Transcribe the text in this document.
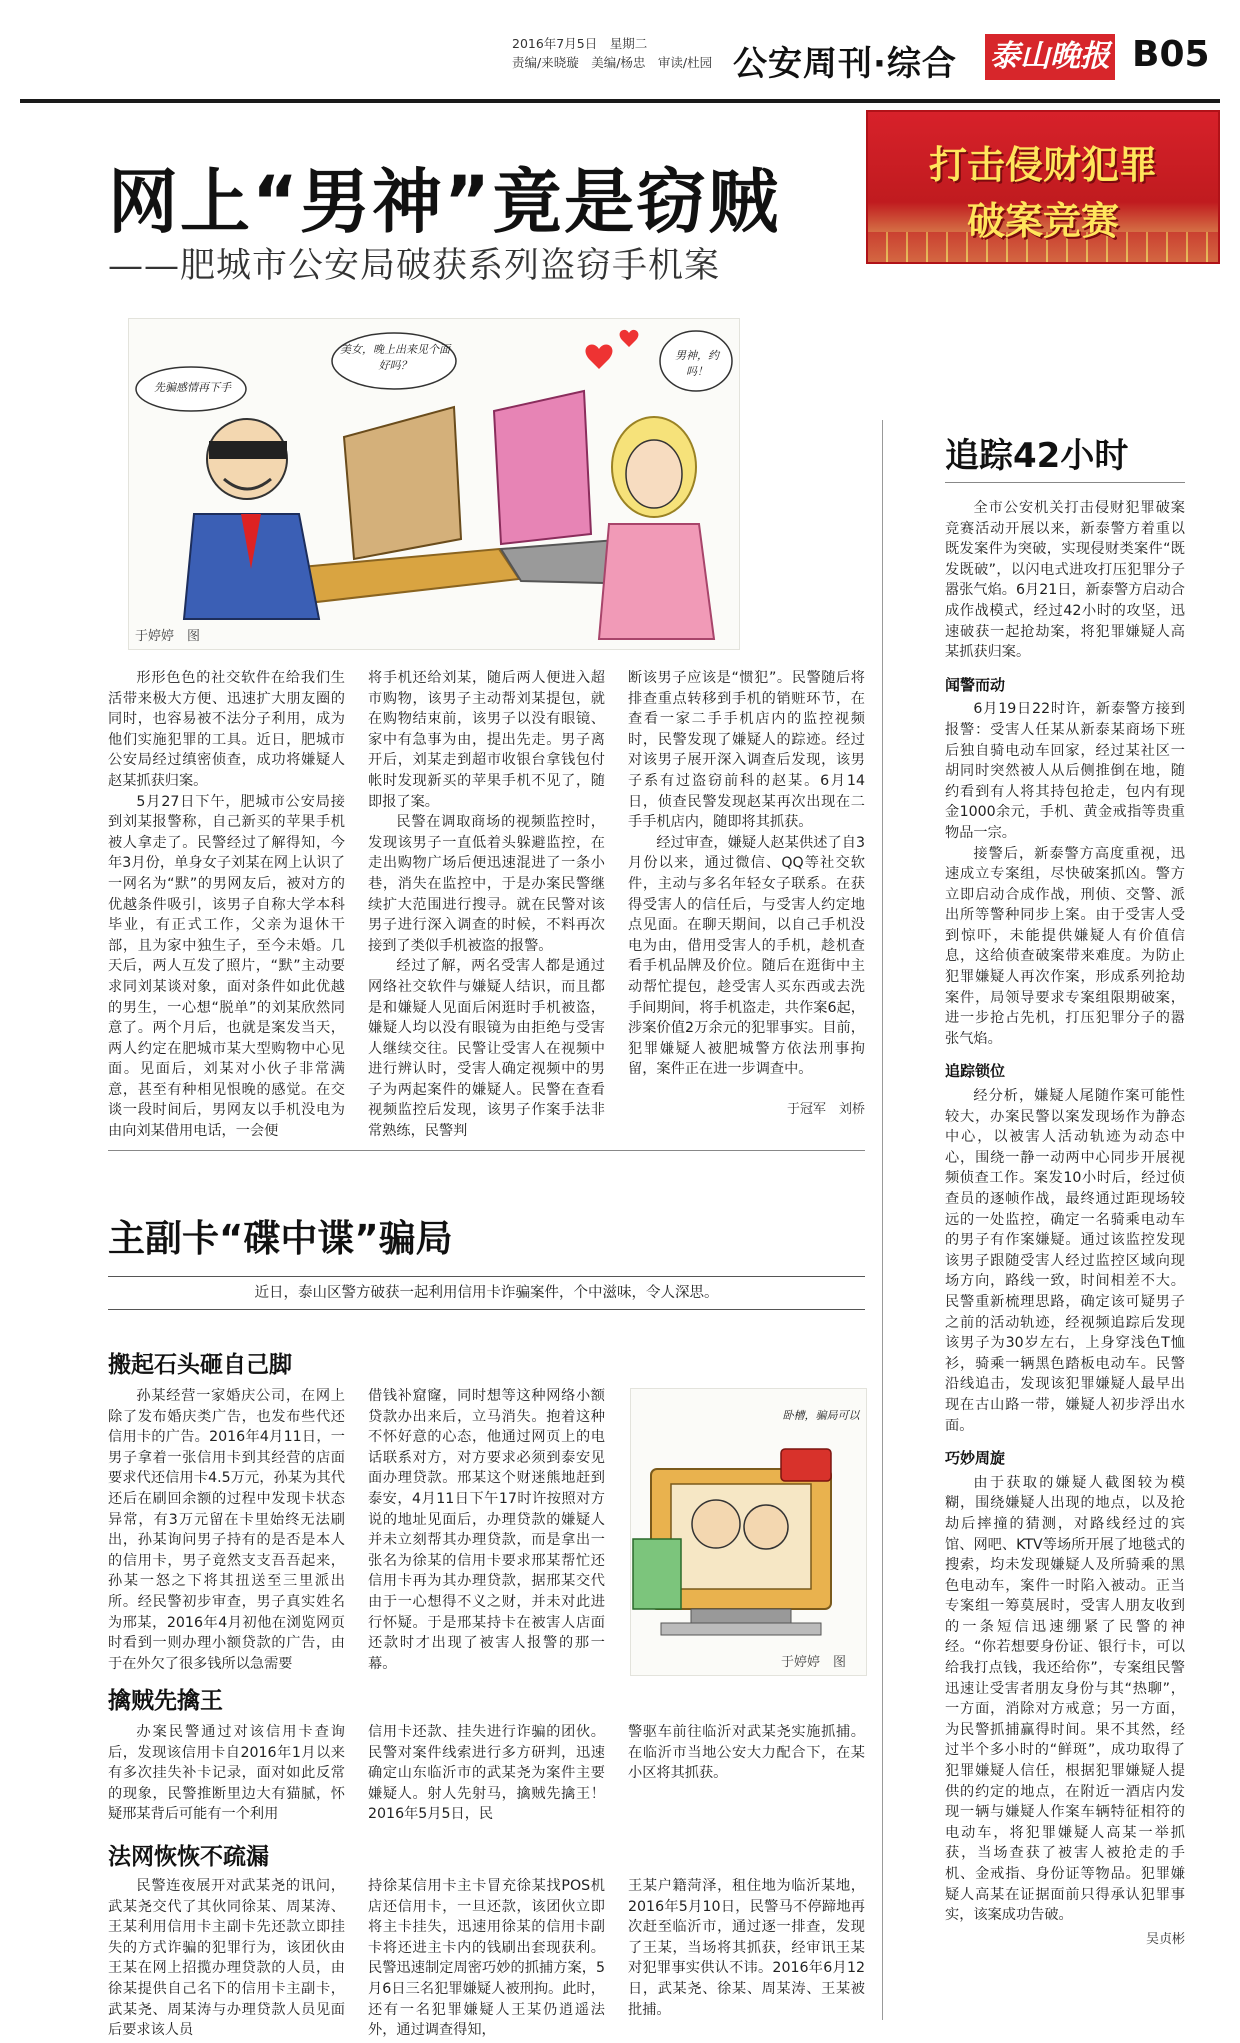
2016年7月5日　星期二
责编/来晓璇　美编/杨忠　审读/杜园 公安周刊·综合 泰山晚报 B05
打击侵财犯罪
破案竞赛
网上“男神”竟是窃贼
——肥城市公安局破获系列盗窃手机案
先骗感情再下手
美女，晚上出来见个面好吗？
男神，约吗！
于婷婷　图

形形色色的社交软件在给我们生活带来极大方便、迅速扩大朋友圈的同时，也容易被不法分子利用，成为他们实施犯罪的工具。近日，肥城市公安局经过缜密侦查，成功将嫌疑人赵某抓获归案。

5月27日下午，肥城市公安局接到刘某报警称，自己新买的苹果手机被人拿走了。民警经过了解得知，今年3月份，单身女子刘某在网上认识了一网名为“默”的男网友后，被对方的优越条件吸引，该男子自称大学本科毕业，有正式工作，父亲为退休干部，且为家中独生子，至今未婚。几天后，两人互发了照片，“默”主动要求同刘某谈对象，面对条件如此优越的男生，一心想“脱单”的刘某欣然同意了。两个月后，也就是案发当天，两人约定在肥城市某大型购物中心见面。见面后，刘某对小伙子非常满意，甚至有种相见恨晚的感觉。在交谈一段时间后，男网友以手机没电为由向刘某借用电话，一会便

将手机还给刘某，随后两人便进入超市购物，该男子主动帮刘某提包，就在购物结束前，该男子以没有眼镜、家中有急事为由，提出先走。男子离开后，刘某走到超市收银台拿钱包付帐时发现新买的苹果手机不见了，随即报了案。

民警在调取商场的视频监控时，发现该男子一直低着头躲避监控，在走出购物广场后便迅速混进了一条小巷，消失在监控中，于是办案民警继续扩大范围进行搜寻。就在民警对该男子进行深入调查的时候，不料再次接到了类似手机被盗的报警。

经过了解，两名受害人都是通过网络社交软件与嫌疑人结识，而且都是和嫌疑人见面后闲逛时手机被盗，嫌疑人均以没有眼镜为由拒绝与受害人继续交往。民警让受害人在视频中进行辨认时，受害人确定视频中的男子为两起案件的嫌疑人。民警在查看视频监控后发现，该男子作案手法非常熟练，民警判

断该男子应该是“惯犯”。民警随后将排查重点转移到手机的销赃环节，在查看一家二手手机店内的监控视频时，民警发现了嫌疑人的踪迹。经过对该男子展开深入调查后发现，该男子系有过盗窃前科的赵某。6月14日，侦查民警发现赵某再次出现在二手手机店内，随即将其抓获。

经过审查，嫌疑人赵某供述了自3月份以来，通过微信、QQ等社交软件，主动与多名年轻女子联系。在获得受害人的信任后，与受害人约定地点见面。在聊天期间，以自己手机没电为由，借用受害人的手机，趁机查看手机品牌及价位。随后在逛街中主动帮忙提包，趁受害人买东西或去洗手间期间，将手机盗走，共作案6起，涉案价值2万余元的犯罪事实。目前，犯罪嫌疑人被肥城警方依法刑事拘留，案件正在进一步调查中。

于冠军　刘桥
追踪42小时

全市公安机关打击侵财犯罪破案竞赛活动开展以来，新泰警方着重以既发案件为突破，实现侵财类案件“既发既破”，以闪电式进攻打压犯罪分子嚣张气焰。6月21日，新泰警方启动合成作战模式，经过42小时的攻坚，迅速破获一起抢劫案，将犯罪嫌疑人高某抓获归案。

闻警而动

6月19日22时许，新泰警方接到报警：受害人任某从新泰某商场下班后独自骑电动车回家，经过某社区一胡同时突然被人从后侧推倒在地，随约看到有人将其持包抢走，包内有现金1000余元，手机、黄金戒指等贵重物品一宗。

接警后，新泰警方高度重视，迅速成立专案组，尽快破案抓凶。警方立即启动合成作战，刑侦、交警、派出所等警种同步上案。由于受害人受到惊吓，未能提供嫌疑人有价值信息，这给侦查破案带来难度。为防止犯罪嫌疑人再次作案，形成系列抢劫案件，局领导要求专案组限期破案，进一步抢占先机，打压犯罪分子的嚣张气焰。

追踪锁位

经分析，嫌疑人尾随作案可能性较大，办案民警以案发现场作为静态中心，以被害人活动轨迹为动态中心，围绕一静一动两中心同步开展视频侦查工作。案发10小时后，经过侦查员的逐帧作战，最终通过距现场较远的一处监控，确定一名骑乘电动车的男子有作案嫌疑。通过该监控发现该男子跟随受害人经过监控区域向现场方向，路线一致，时间相差不大。民警重新梳理思路，确定该可疑男子之前的活动轨迹，经视频追踪后发现该男子为30岁左右，上身穿浅色T恤衫，骑乘一辆黑色踏板电动车。民警沿线追击，发现该犯罪嫌疑人最早出现在古山路一带，嫌疑人初步浮出水面。

巧妙周旋

由于获取的嫌疑人截图较为模糊，围绕嫌疑人出现的地点，以及抢劫后摔撞的猜测，对路线经过的宾馆、网吧、KTV等场所开展了地毯式的搜索，均未发现嫌疑人及所骑乘的黑色电动车，案件一时陷入被动。正当专案组一筹莫展时，受害人朋友收到的一条短信迅速绷紧了民警的神经。“你若想要身份证、银行卡，可以给我打点钱，我还给你”，专案组民警迅速让受害者朋友身份与其“热聊”，一方面，消除对方戒意；另一方面，为民警抓捕赢得时间。果不其然，经过半个多小时的“鲜斑”，成功取得了犯罪嫌疑人信任，根据犯罪嫌疑人提供的约定的地点，在附近一酒店内发现一辆与嫌疑人作案车辆特征相符的电动车，将犯罪嫌疑人高某一举抓获，当场查获了被害人被抢走的手机、金戒指、身份证等物品。犯罪嫌疑人高某在证据面前只得承认犯罪事实，该案成功告破。

吴贞彬
主副卡“碟中谍”骗局
近日，泰山区警方破获一起利用信用卡诈骗案件，个中滋味，令人深思。
搬起石头砸自己脚

孙某经营一家婚庆公司，在网上除了发布婚庆类广告，也发布些代还信用卡的广告。2016年4月11日，一男子拿着一张信用卡到其经营的店面要求代还信用卡4.5万元，孙某为其代还后在刷回余额的过程中发现卡状态异常，有3万元留在卡里始终无法刷出，孙某询问男子持有的是否是本人的信用卡，男子竟然支支吾吾起来，孙某一怒之下将其扭送至三里派出所。经民警初步审查，男子真实姓名为邢某，2016年4月初他在浏览网页时看到一则办理小额贷款的广告，由于在外欠了很多钱所以急需要

借钱补窟窿，同时想等这种网络小额贷款办出来后，立马消失。抱着这种不怀好意的心态，他通过网页上的电话联系对方，对方要求必须到泰安见面办理贷款。邢某这个财迷熊地赶到泰安，4月11日下午17时许按照对方说的地址见面后，办理贷款的嫌疑人并未立刻帮其办理贷款，而是拿出一张名为徐某的信用卡要求邢某帮忙还信用卡再为其办理贷款，据邢某交代由于一心想得不义之财，并未对此进行怀疑。于是邢某持卡在被害人店面还款时才出现了被害人报警的那一幕。

卧槽，骗局可以
于婷婷　图
擒贼先擒王

办案民警通过对该信用卡查询后，发现该信用卡自2016年1月以来有多次挂失补卡记录，面对如此反常的现象，民警推断里边大有猫腻，怀疑邢某背后可能有一个利用

信用卡还款、挂失进行诈骗的团伙。民警对案件线索进行多方研判，迅速确定山东临沂市的武某尧为案件主要嫌疑人。射人先射马，擒贼先擒王！2016年5月5日，民

警驱车前往临沂对武某尧实施抓捕。在临沂市当地公安大力配合下，在某小区将其抓获。

法网恢恢不疏漏

民警连夜展开对武某尧的讯问，武某尧交代了其伙同徐某、周某涛、王某利用信用卡主副卡先还款立即挂失的方式诈骗的犯罪行为，该团伙由王某在网上招揽办理贷款的人员，由徐某提供自己名下的信用卡主副卡，武某尧、周某涛与办理贷款人员见面后要求该人员

持徐某信用卡主卡冒充徐某找POS机店还信用卡，一旦还款，该团伙立即将主卡挂失，迅速用徐某的信用卡副卡将还进主卡内的钱刷出套现获利。民警迅速制定周密巧妙的抓捕方案，5月6日三名犯罪嫌疑人被刑拘。此时，还有一名犯罪嫌疑人王某仍逍遥法外，通过调查得知，

王某户籍菏泽，租住地为临沂某地，2016年5月10日，民警马不停蹄地再次赶至临沂市，通过逐一排查，发现了王某，当场将其抓获，经审讯王某对犯罪事实供认不讳。2016年6月12日，武某尧、徐某、周某涛、王某被批捕。
